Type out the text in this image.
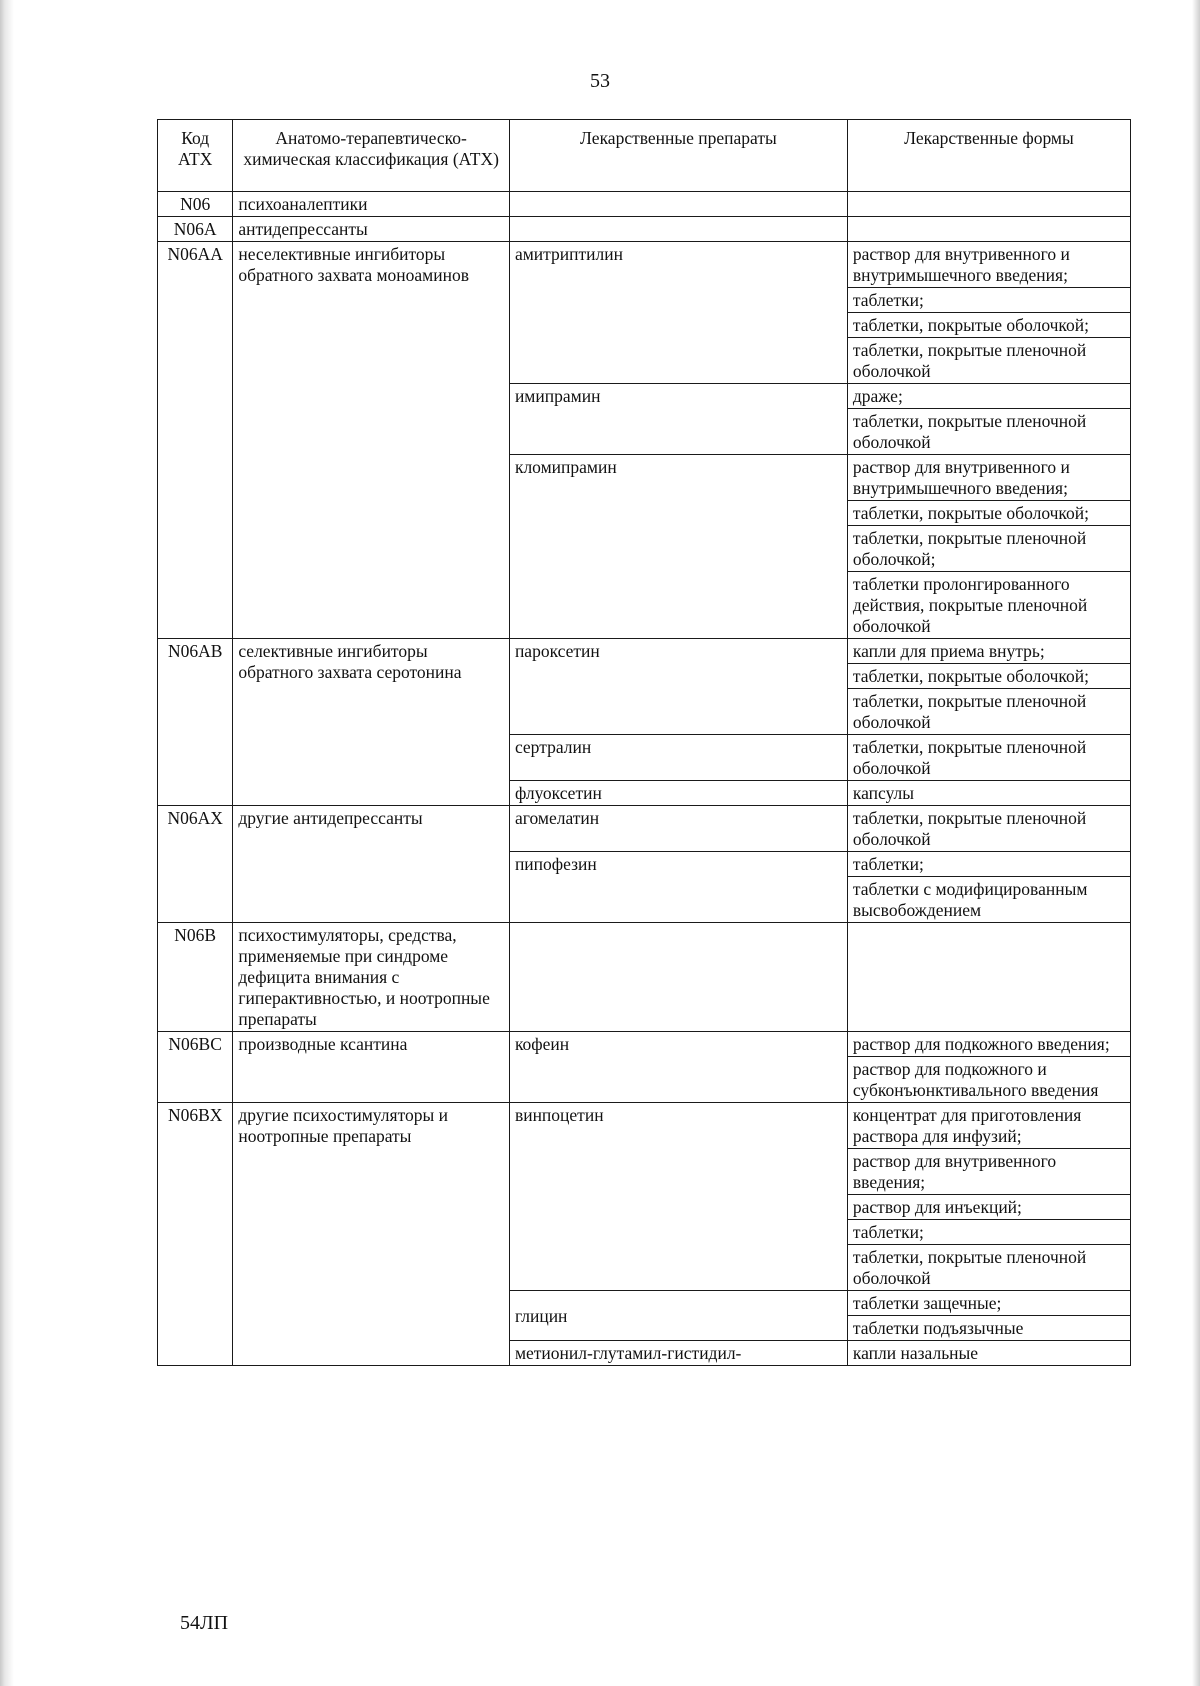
53
Код АТХ	Анатомо-терапевтическо-химическая классификация (АТХ)	Лекарственные препараты	Лекарственные формы
N06	психоаналептики		
N06A	антидепрессанты		
N06AA	неселективные ингибиторы обратного захвата моноаминов	амитриптилин	раствор для внутривенного и внутримышечного введения;
			таблетки;
			таблетки, покрытые оболочкой;
			таблетки, покрытые пленочной оболочкой
		имипрамин	драже;
			таблетки, покрытые пленочной оболочкой
		кломипрамин	раствор для внутривенного и внутримышечного введения;
			таблетки, покрытые оболочкой;
			таблетки, покрытые пленочной оболочкой;
			таблетки пролонгированного действия, покрытые пленочной оболочкой
N06AB	селективные ингибиторы обратного захвата серотонина	пароксетин	капли для приема внутрь;
			таблетки, покрытые оболочкой;
			таблетки, покрытые пленочной оболочкой
		сертралин	таблетки, покрытые пленочной оболочкой
		флуоксетин	капсулы
N06AX	другие антидепрессанты	агомелатин	таблетки, покрытые пленочной оболочкой
		пипофезин	таблетки;
			таблетки с модифицированным высвобождением
N06B	психостимуляторы, средства, применяемые при синдроме дефицита внимания с гиперактивностью, и ноотропные препараты		
N06BC	производные ксантина	кофеин	раствор для подкожного введения;
			раствор для подкожного и субконъюнктивального введения
N06BX	другие психостимуляторы и ноотропные препараты	винпоцетин	концентрат для приготовления раствора для инфузий;
			раствор для внутривенного введения;
			раствор для инъекций;
			таблетки;
			таблетки, покрытые пленочной оболочкой
		глицин	таблетки защечные;
			таблетки подъязычные
		метионил-глутамил-гистидил-	капли назальные
54ЛП
